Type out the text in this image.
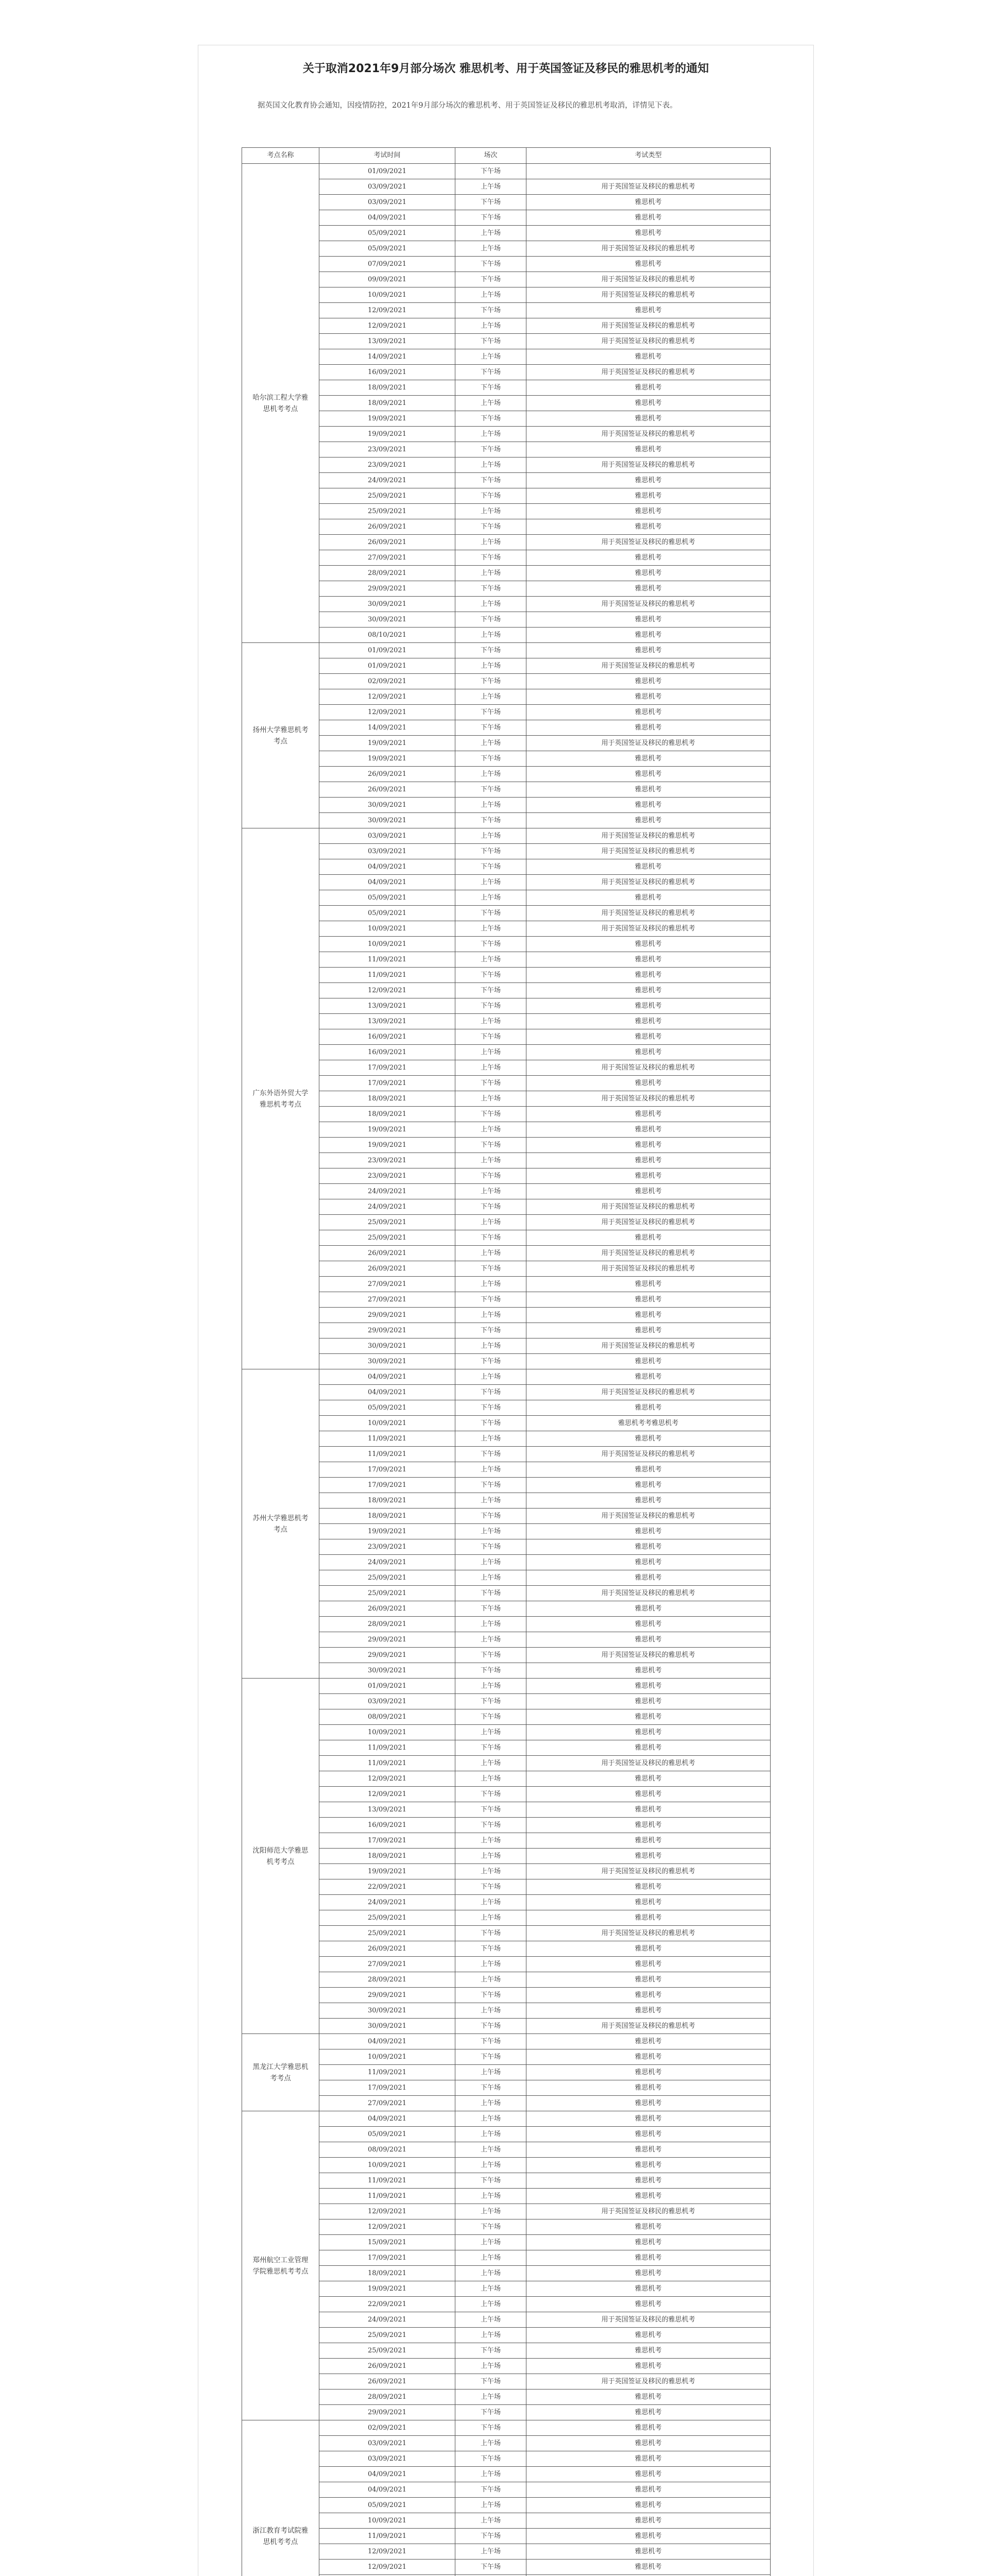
关于取消2021年9月部分场次 雅思机考、用于英国签证及移民的雅思机考的通知

据英国文化教育协会通知，因疫情防控，2021年9月部分场次的雅思机考、用于英国签证及移民的雅思机考取消，详情见下表。

考点名称	考试时间	场次	考试类型
哈尔滨工程大学雅思机考考点	01/09/2021	下午场	
	03/09/2021	上午场	用于英国签证及移民的雅思机考
	03/09/2021	下午场	雅思机考
	04/09/2021	下午场	雅思机考
	05/09/2021	上午场	雅思机考
	05/09/2021	上午场	用于英国签证及移民的雅思机考
	07/09/2021	下午场	雅思机考
	09/09/2021	下午场	用于英国签证及移民的雅思机考
	10/09/2021	上午场	用于英国签证及移民的雅思机考
	12/09/2021	下午场	雅思机考
	12/09/2021	上午场	用于英国签证及移民的雅思机考
	13/09/2021	下午场	用于英国签证及移民的雅思机考
	14/09/2021	上午场	雅思机考
	16/09/2021	下午场	用于英国签证及移民的雅思机考
	18/09/2021	下午场	雅思机考
	18/09/2021	上午场	雅思机考
	19/09/2021	下午场	雅思机考
	19/09/2021	上午场	用于英国签证及移民的雅思机考
	23/09/2021	下午场	雅思机考
	23/09/2021	上午场	用于英国签证及移民的雅思机考
	24/09/2021	下午场	雅思机考
	25/09/2021	下午场	雅思机考
	25/09/2021	上午场	雅思机考
	26/09/2021	下午场	雅思机考
	26/09/2021	上午场	用于英国签证及移民的雅思机考
	27/09/2021	下午场	雅思机考
	28/09/2021	上午场	雅思机考
	29/09/2021	下午场	雅思机考
	30/09/2021	上午场	用于英国签证及移民的雅思机考
	30/09/2021	下午场	雅思机考
	08/10/2021	上午场	雅思机考
扬州大学雅思机考考点	01/09/2021	下午场	雅思机考
	01/09/2021	上午场	用于英国签证及移民的雅思机考
	02/09/2021	下午场	雅思机考
	12/09/2021	上午场	雅思机考
	12/09/2021	下午场	雅思机考
	14/09/2021	下午场	雅思机考
	19/09/2021	上午场	用于英国签证及移民的雅思机考
	19/09/2021	下午场	雅思机考
	26/09/2021	上午场	雅思机考
	26/09/2021	下午场	雅思机考
	30/09/2021	上午场	雅思机考
	30/09/2021	下午场	雅思机考
广东外语外贸大学雅思机考考点	03/09/2021	上午场	用于英国签证及移民的雅思机考
	03/09/2021	下午场	用于英国签证及移民的雅思机考
	04/09/2021	下午场	雅思机考
	04/09/2021	上午场	用于英国签证及移民的雅思机考
	05/09/2021	上午场	雅思机考
	05/09/2021	下午场	用于英国签证及移民的雅思机考
	10/09/2021	上午场	用于英国签证及移民的雅思机考
	10/09/2021	下午场	雅思机考
	11/09/2021	上午场	雅思机考
	11/09/2021	下午场	雅思机考
	12/09/2021	下午场	雅思机考
	13/09/2021	下午场	雅思机考
	13/09/2021	上午场	雅思机考
	16/09/2021	下午场	雅思机考
	16/09/2021	上午场	雅思机考
	17/09/2021	上午场	用于英国签证及移民的雅思机考
	17/09/2021	下午场	雅思机考
	18/09/2021	上午场	用于英国签证及移民的雅思机考
	18/09/2021	下午场	雅思机考
	19/09/2021	上午场	雅思机考
	19/09/2021	下午场	雅思机考
	23/09/2021	上午场	雅思机考
	23/09/2021	下午场	雅思机考
	24/09/2021	上午场	雅思机考
	24/09/2021	下午场	用于英国签证及移民的雅思机考
	25/09/2021	上午场	用于英国签证及移民的雅思机考
	25/09/2021	下午场	雅思机考
	26/09/2021	上午场	用于英国签证及移民的雅思机考
	26/09/2021	下午场	用于英国签证及移民的雅思机考
	27/09/2021	上午场	雅思机考
	27/09/2021	下午场	雅思机考
	29/09/2021	上午场	雅思机考
	29/09/2021	下午场	雅思机考
	30/09/2021	上午场	用于英国签证及移民的雅思机考
	30/09/2021	下午场	雅思机考
苏州大学雅思机考考点	04/09/2021	上午场	雅思机考
	04/09/2021	下午场	用于英国签证及移民的雅思机考
	05/09/2021	下午场	雅思机考
	10/09/2021	下午场	雅思机考考雅思机考
	11/09/2021	上午场	雅思机考
	11/09/2021	下午场	用于英国签证及移民的雅思机考
	17/09/2021	上午场	雅思机考
	17/09/2021	下午场	雅思机考
	18/09/2021	上午场	雅思机考
	18/09/2021	下午场	用于英国签证及移民的雅思机考
	19/09/2021	上午场	雅思机考
	23/09/2021	下午场	雅思机考
	24/09/2021	上午场	雅思机考
	25/09/2021	上午场	雅思机考
	25/09/2021	下午场	用于英国签证及移民的雅思机考
	26/09/2021	下午场	雅思机考
	28/09/2021	上午场	雅思机考
	29/09/2021	上午场	雅思机考
	29/09/2021	下午场	用于英国签证及移民的雅思机考
	30/09/2021	下午场	雅思机考
沈阳师范大学雅思机考考点	01/09/2021	上午场	雅思机考
	03/09/2021	下午场	雅思机考
	08/09/2021	下午场	雅思机考
	10/09/2021	上午场	雅思机考
	11/09/2021	下午场	雅思机考
	11/09/2021	上午场	用于英国签证及移民的雅思机考
	12/09/2021	上午场	雅思机考
	12/09/2021	下午场	雅思机考
	13/09/2021	下午场	雅思机考
	16/09/2021	下午场	雅思机考
	17/09/2021	上午场	雅思机考
	18/09/2021	上午场	雅思机考
	19/09/2021	上午场	用于英国签证及移民的雅思机考
	22/09/2021	下午场	雅思机考
	24/09/2021	上午场	雅思机考
	25/09/2021	上午场	雅思机考
	25/09/2021	下午场	用于英国签证及移民的雅思机考
	26/09/2021	下午场	雅思机考
	27/09/2021	上午场	雅思机考
	28/09/2021	上午场	雅思机考
	29/09/2021	下午场	雅思机考
	30/09/2021	上午场	雅思机考
	30/09/2021	下午场	用于英国签证及移民的雅思机考
黑龙江大学雅思机考考点	04/09/2021	下午场	雅思机考
	10/09/2021	下午场	雅思机考
	11/09/2021	上午场	雅思机考
	17/09/2021	下午场	雅思机考
	27/09/2021	上午场	雅思机考
郑州航空工业管理学院雅思机考考点	04/09/2021	上午场	雅思机考
	05/09/2021	上午场	雅思机考
	08/09/2021	上午场	雅思机考
	10/09/2021	上午场	雅思机考
	11/09/2021	下午场	雅思机考
	11/09/2021	上午场	雅思机考
	12/09/2021	上午场	用于英国签证及移民的雅思机考
	12/09/2021	下午场	雅思机考
	15/09/2021	上午场	雅思机考
	17/09/2021	上午场	雅思机考
	18/09/2021	上午场	雅思机考
	19/09/2021	上午场	雅思机考
	22/09/2021	上午场	雅思机考
	24/09/2021	上午场	用于英国签证及移民的雅思机考
	25/09/2021	上午场	雅思机考
	25/09/2021	下午场	雅思机考
	26/09/2021	上午场	雅思机考
	26/09/2021	下午场	用于英国签证及移民的雅思机考
	28/09/2021	上午场	雅思机考
	29/09/2021	下午场	雅思机考
浙江教育考试院雅思机考考点	02/09/2021	下午场	雅思机考
	03/09/2021	上午场	雅思机考
	03/09/2021	下午场	雅思机考
	04/09/2021	上午场	雅思机考
	04/09/2021	下午场	雅思机考
	05/09/2021	上午场	雅思机考
	10/09/2021	上午场	雅思机考
	11/09/2021	下午场	雅思机考
	12/09/2021	上午场	雅思机考
	12/09/2021	下午场	雅思机考
